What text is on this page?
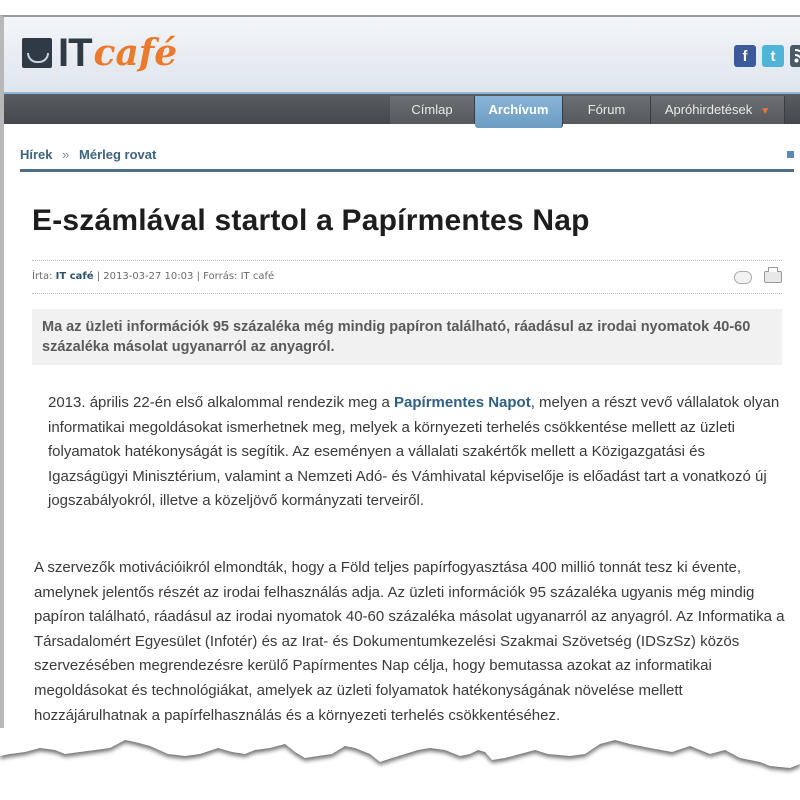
IT café	f	t
Címlap	Archívum	Fórum	Apróhirdetések ▼
Hírek » Mérleg rovat
E-számlával startol a Papírmentes Nap
Írta: IT café | 2013-03-27 10:03 | Forrás: IT café
Ma az üzleti információk 95 százaléka még mindig papíron található, ráadásul az irodai nyomatok 40-60 százaléka másolat ugyanarról az anyagról.
2013. április 22-én első alkalommal rendezik meg a Papírmentes Napot, melyen a részt vevő vállalatok olyan informatikai megoldásokat ismerhetnek meg, melyek a környezeti terhelés csökkentése mellett az üzleti folyamatok hatékonyságát is segítik. Az eseményen a vállalati szakértők mellett a Közigazgatási és Igazságügyi Minisztérium, valamint a Nemzeti Adó- és Vámhivatal képviselője is előadást tart a vonatkozó új jogszabályokról, illetve a közeljövő kormányzati terveiről.
A szervezők motivációikról elmondták, hogy a Föld teljes papírfogyasztása 400 millió tonnát tesz ki évente, amelynek jelentős részét az irodai felhasználás adja. Az üzleti információk 95 százaléka ugyanis még mindig papíron található, ráadásul az irodai nyomatok 40-60 százaléka másolat ugyanarról az anyagról. Az Informatika a Társadalomért Egyesület (Infotér) és az Irat- és Dokumentumkezelési Szakmai Szövetség (IDSzSz) közös szervezésében megrendezésre kerülő Papírmentes Nap célja, hogy bemutassa azokat az informatikai megoldásokat és technológiákat, amelyek az üzleti folyamatok hatékonyságának növelése mellett hozzájárulhatnak a papírfelhasználás és a környezeti terhelés csökkentéséhez.
